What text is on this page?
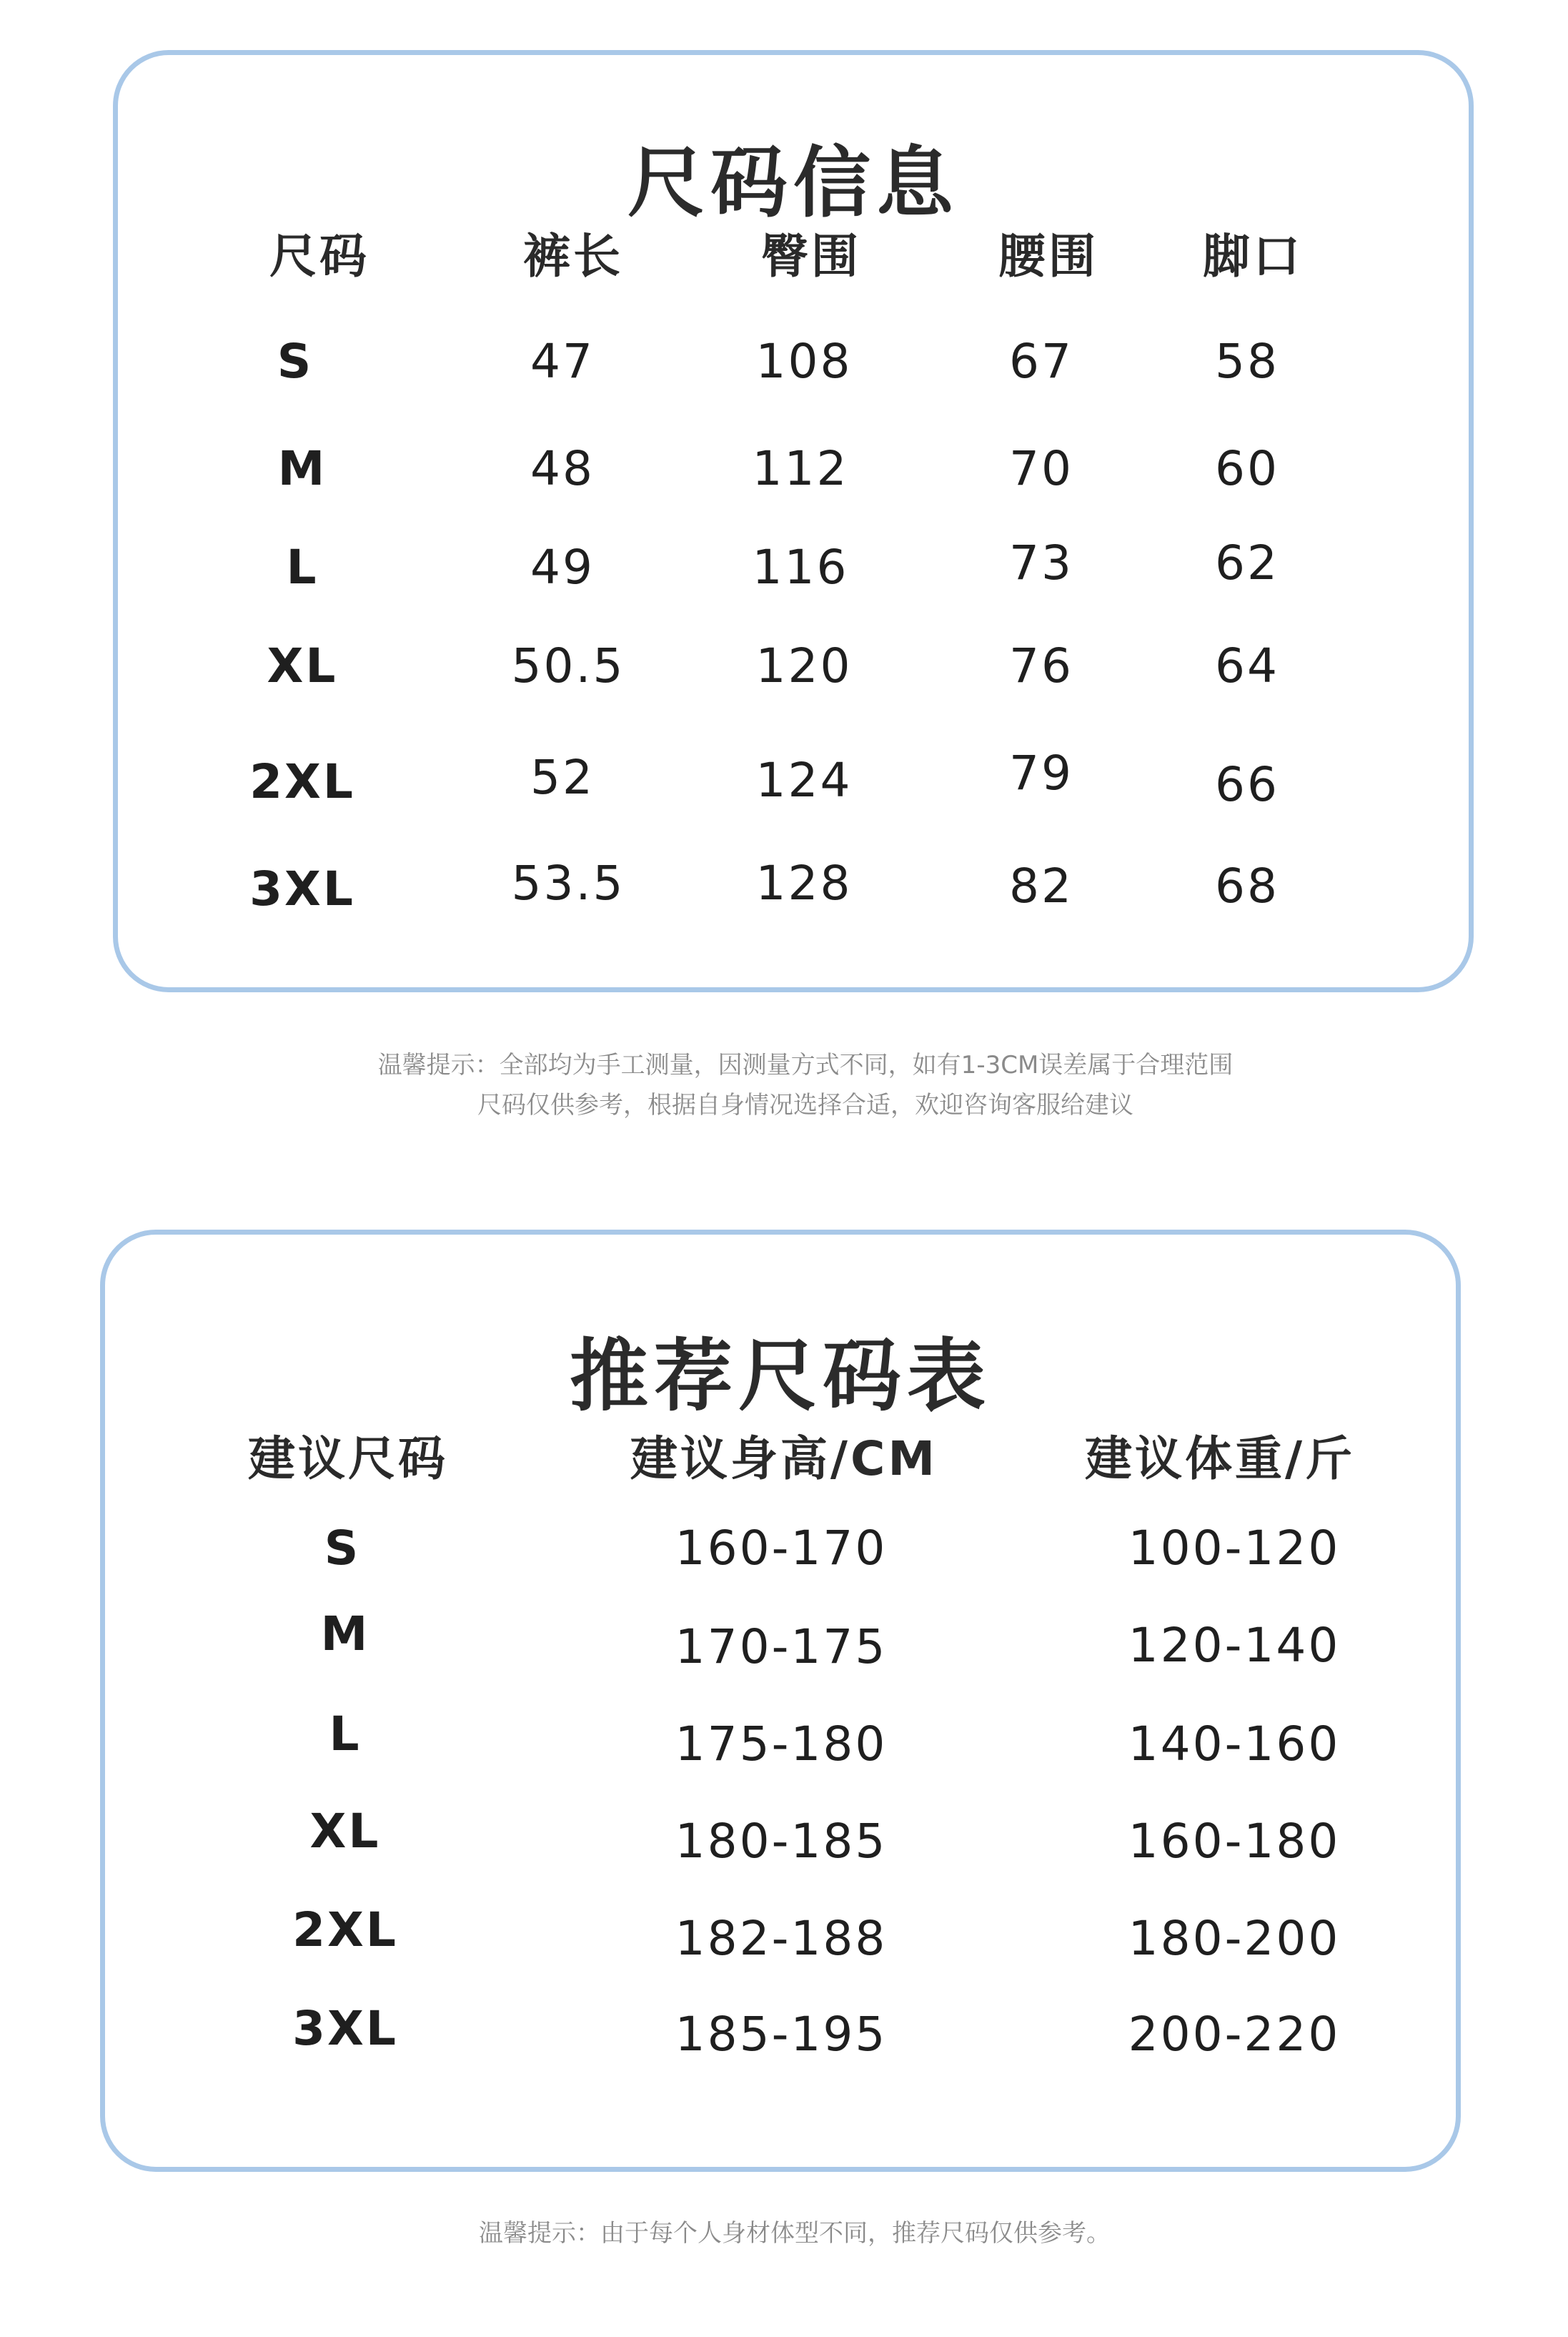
尺码信息
尺码	裤长	臀围	腰围 脚口
S	47	108	67	58
M	48	112	70	60
L	49	116	73	62
XL	50.5	120	76	64
2XL	52	124	79	66
3XL	53.5	128	82	68
温馨提示：全部均为手工测量，因测量方式不同，如有1-3CM误差属于合理范围
尺码仅供参考，根据自身情况选择合适，欢迎咨询客服给建议
推荐尺码表
建议尺码	建议身高/CM	建议体重/斤
S	160-170	100-120
M	170-175	120-140
L	175-180	140-160
XL	180-185	160-180
2XL	182-188	180-200
3XL	185-195	200-220
温馨提示：由于每个人身材体型不同，推荐尺码仅供参考。
